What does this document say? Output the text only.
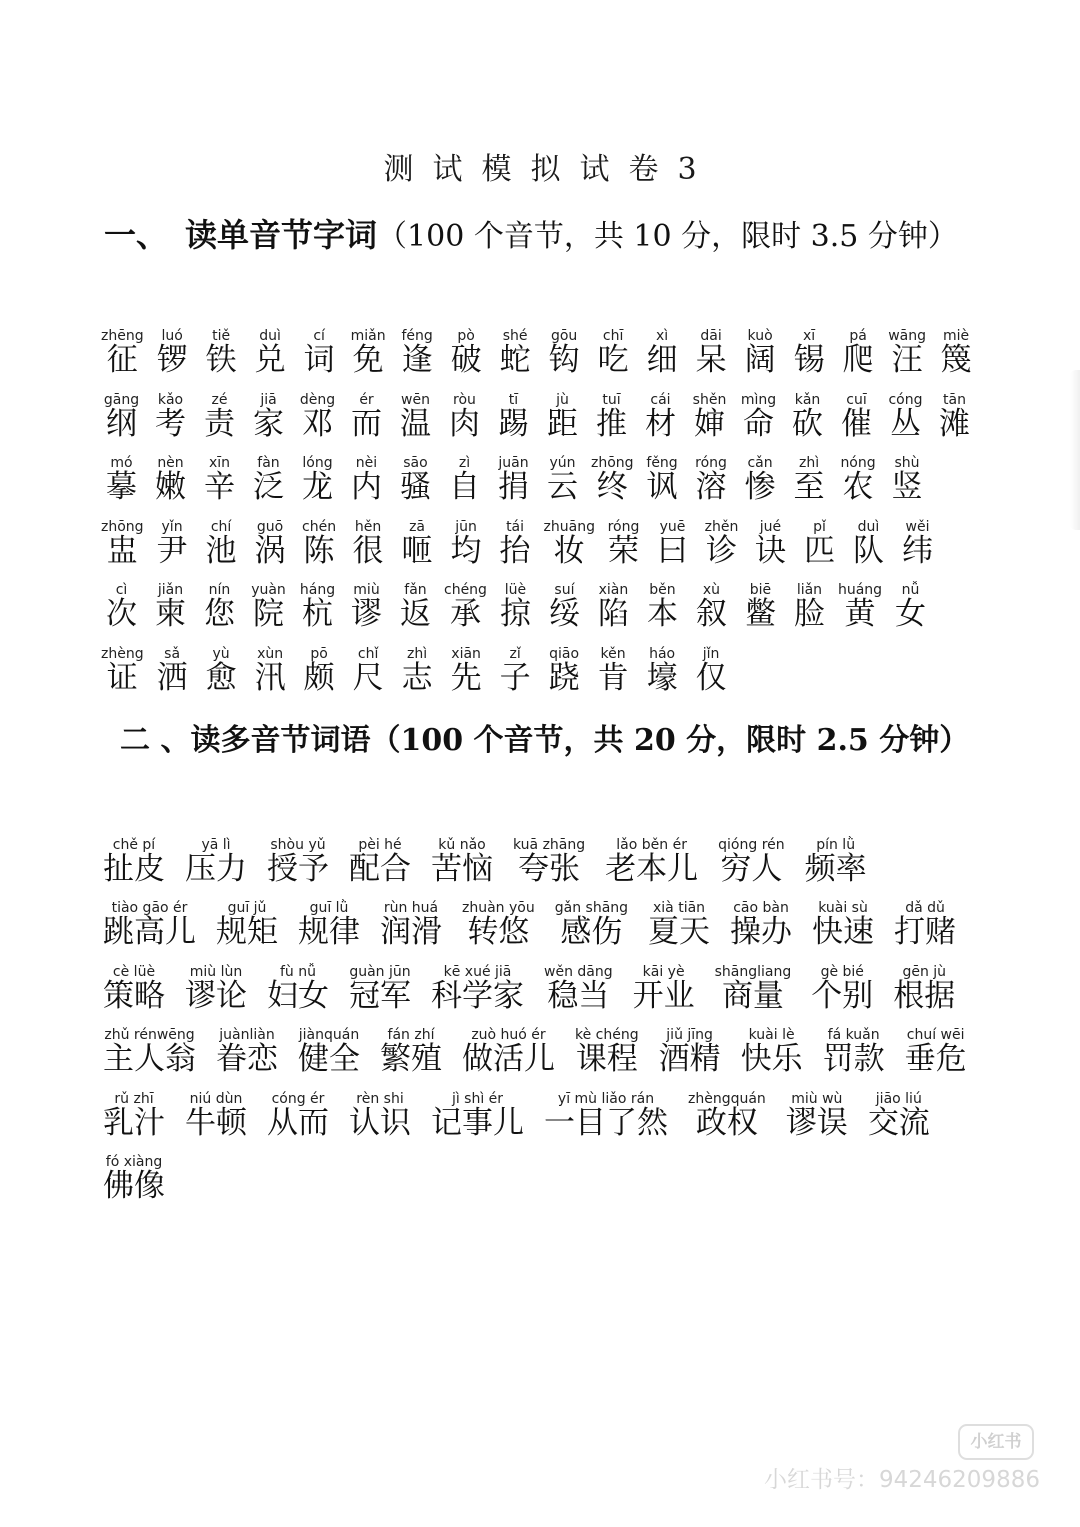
测试模拟试卷3
一、 读单音节字词（100 个音节，共 10 分，限时 3.5 分钟）
zhēng
征
luó
锣
tiě
铁
duì
兑
cí
词
miǎn
免
féng
逢
pò
破
shé
蛇
gōu
钩
chī
吃
xì
细
dāi
呆
kuò
阔
xī
锡
pá
爬
wāng
汪
miè
篾
gāng
纲
kǎo
考
zé
责
jiā
家
dèng
邓
ér
而
wēn
温
ròu
肉
tī
踢
jù
距
tuī
推
cái
材
shěn
婶
mìng
命
kǎn
砍
cuī
催
cóng
丛
tān
滩
mó
摹
nèn
嫩
xīn
辛
fàn
泛
lóng
龙
nèi
内
sāo
骚
zì
自
juān
捐
yún
云
zhōng
终
fěng
讽
róng
溶
cǎn
惨
zhì
至
nóng
农
shù
竖
zhōng
盅
yǐn
尹
chí
池
guō
涡
chén
陈
hěn
很
zā
咂
jūn
均
tái
抬
zhuāng
妆
róng
荣
yuē
曰
zhěn
诊
jué
诀
pǐ
匹
duì
队
wěi
纬
cì
次
jiǎn
柬
nín
您
yuàn
院
háng
杭
miù
谬
fǎn
返
chéng
承
lüè
掠
suí
绥
xiàn
陷
běn
本
xù
叙
biē
鳖
liǎn
脸
huáng
黄
nǚ
女
zhèng
证
sǎ
洒
yù
愈
xùn
汛
pō
颇
chǐ
尺
zhì
志
xiān
先
zǐ
子
qiāo
跷
kěn
肯
háo
壕
jǐn
仅
二 、读多音节词语（100 个音节，共 20 分，限时 2.5 分钟）
chě pí
扯皮
yā lì
压力
shòu yǔ
授予
pèi hé
配合
kǔ nǎo
苦恼
kuā zhāng
夸张
lǎo běn ér
老本儿
qióng rén
穷人
pín lǜ
频率
tiào gāo ér
跳高儿
guī jǔ
规矩
guī lǜ
规律
rùn huá
润滑
zhuàn yōu
转悠
gǎn shāng
感伤
xià tiān
夏天
cāo bàn
操办
kuài sù
快速
dǎ dǔ
打赌
cè lüè
策略
miù lùn
谬论
fù nǚ
妇女
guàn jūn
冠军
kē xué jiā
科学家
wěn dāng
稳当
kāi yè
开业
shāngliang
商量
gè bié
个别
gēn jù
根据
zhǔ rénwēng
主人翁
juànliàn
眷恋
jiànquán
健全
fán zhí
繁殖
zuò huó ér
做活儿
kè chéng
课程
jiǔ jīng
酒精
kuài lè
快乐
fá kuǎn
罚款
chuí wēi
垂危
rǔ zhī
乳汁
niú dùn
牛顿
cóng ér
从而
rèn shi
认识
jì shì ér
记事儿
yī mù liǎo rán
一目了然
zhèngquán
政权
miù wù
谬误
jiāo liú
交流
fó xiàng
佛像
小红书
小红书号：94246209886
